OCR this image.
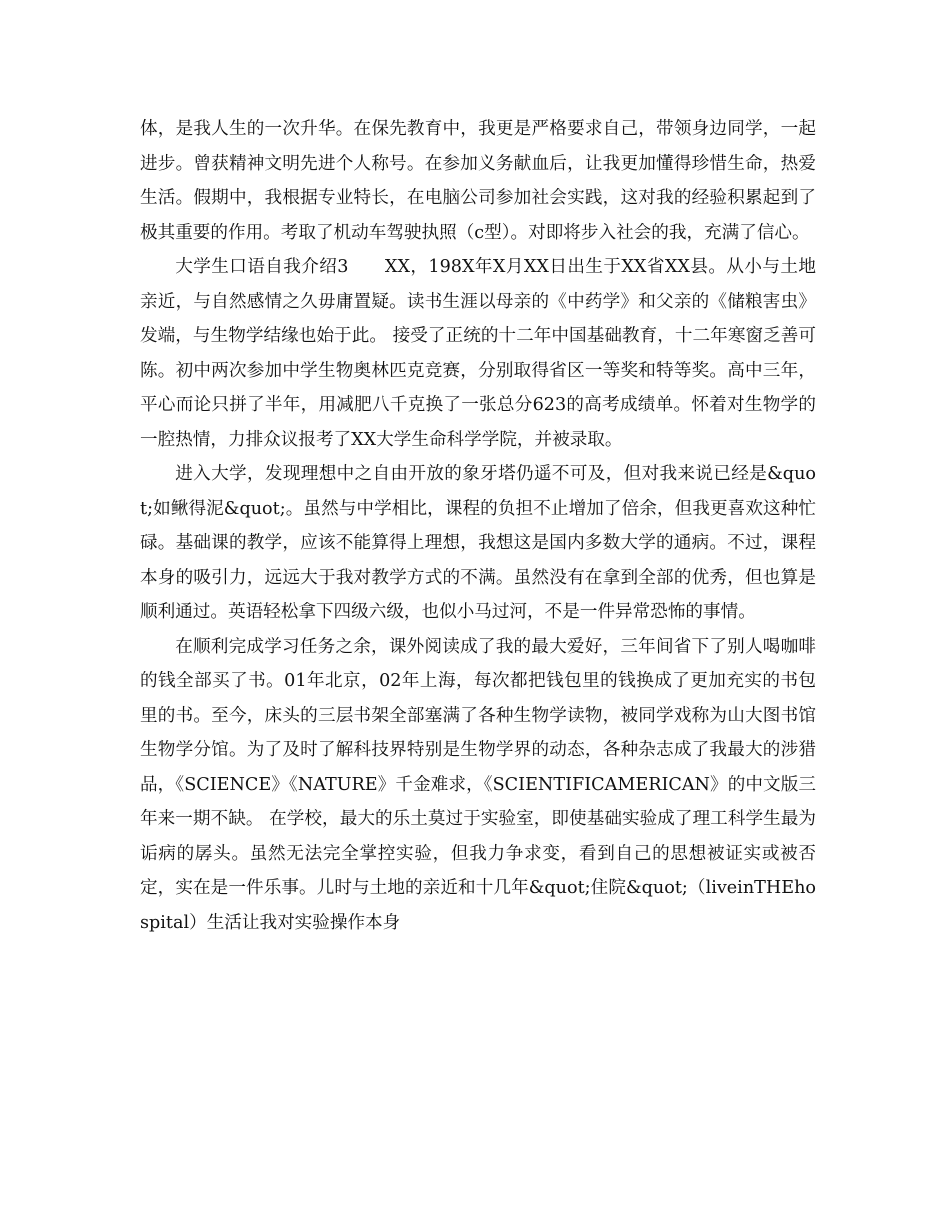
体，是我人生的一次升华。在保先教育中，我更是严格要求自己，带领身边同学，一起进步。曾获精神文明先进个人称号。在参加义务献血后，让我更加懂得珍惜生命，热爱生活。假期中，我根据专业特长，在电脑公司参加社会实践，这对我的经验积累起到了极其重要的作用。考取了机动车驾驶执照（c型）。对即将步入社会的我，充满了信心。

大学生口语自我介绍3　　XX，198X年X月XX日出生于XX省XX县。从小与土地亲近，与自然感情之久毋庸置疑。读书生涯以母亲的《中药学》和父亲的《储粮害虫》发端，与生物学结缘也始于此。 接受了正统的十二年中国基础教育，十二年寒窗乏善可陈。初中两次参加中学生物奥林匹克竞赛，分别取得省区一等奖和特等奖。高中三年，平心而论只拼了半年，用减肥八千克换了一张总分623的高考成绩单。怀着对生物学的一腔热情，力排众议报考了XX大学生命科学学院，并被录取。

进入大学，发现理想中之自由开放的象牙塔仍遥不可及，但对我来说已经是&quot;如鳅得泥&quot;。虽然与中学相比，课程的负担不止增加了倍余，但我更喜欢这种忙碌。基础课的教学，应该不能算得上理想，我想这是国内多数大学的通病。不过，课程本身的吸引力，远远大于我对教学方式的不满。虽然没有在拿到全部的优秀，但也算是顺利通过。英语轻松拿下四级六级，也似小马过河，不是一件异常恐怖的事情。

在顺利完成学习任务之余，课外阅读成了我的最大爱好，三年间省下了别人喝咖啡的钱全部买了书。01年北京，02年上海，每次都把钱包里的钱换成了更加充实的书包里的书。至今，床头的三层书架全部塞满了各种生物学读物，被同学戏称为山大图书馆生物学分馆。为了及时了解科技界特别是生物学界的动态，各种杂志成了我最大的涉猎品，《SCIENCE》《NATURE》千金难求，《SCIENTIFICAMERICAN》的中文版三年来一期不缺。 在学校，最大的乐土莫过于实验室，即使基础实验成了理工科学生最为诟病的孱头。虽然无法完全掌控实验，但我力争求变，看到自己的思想被证实或被否定，实在是一件乐事。儿时与土地的亲近和十几年&quot;住院&quot;（liveinTHEhospital）生活让我对实验操作本身
